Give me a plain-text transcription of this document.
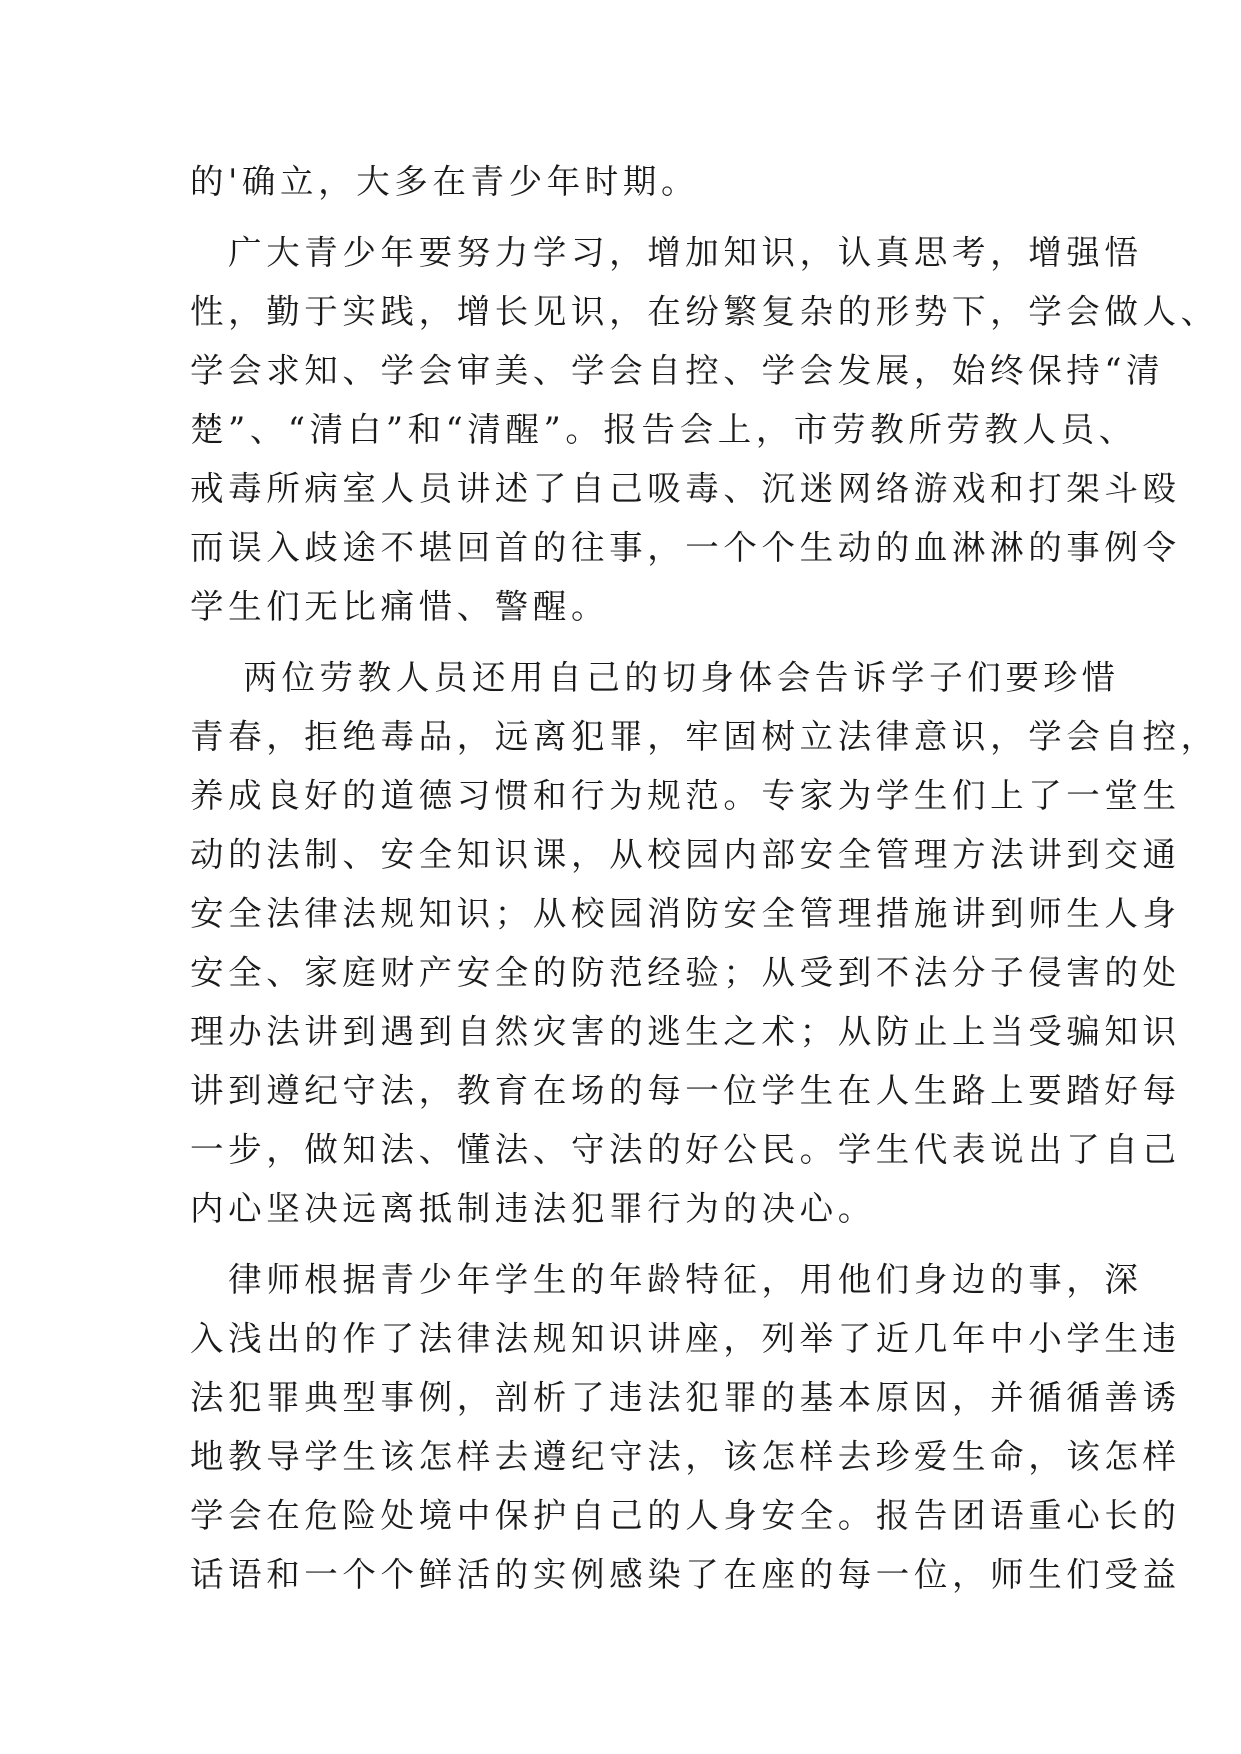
的'确立，大多在青少年时期。
　广大青少年要努力学习，增加知识，认真思考，增强悟
性，勤于实践，增长见识，在纷繁复杂的形势下，学会做人、
学会求知、学会审美、学会自控、学会发展，始终保持“清
楚”、“清白”和“清醒”。报告会上，市劳教所劳教人员、
戒毒所病室人员讲述了自己吸毒、沉迷网络游戏和打架斗殴
而误入歧途不堪回首的往事，一个个生动的血淋淋的事例令
学生们无比痛惜、警醒。
　 两位劳教人员还用自己的切身体会告诉学子们要珍惜
青春，拒绝毒品，远离犯罪，牢固树立法律意识，学会自控，
养成良好的道德习惯和行为规范。专家为学生们上了一堂生
动的法制、安全知识课，从校园内部安全管理方法讲到交通
安全法律法规知识；从校园消防安全管理措施讲到师生人身
安全、家庭财产安全的防范经验；从受到不法分子侵害的处
理办法讲到遇到自然灾害的逃生之术；从防止上当受骗知识
讲到遵纪守法，教育在场的每一位学生在人生路上要踏好每
一步，做知法、懂法、守法的好公民。学生代表说出了自己
内心坚决远离抵制违法犯罪行为的决心。
　律师根据青少年学生的年龄特征，用他们身边的事，深
入浅出的作了法律法规知识讲座，列举了近几年中小学生违
法犯罪典型事例，剖析了违法犯罪的基本原因，并循循善诱
地教导学生该怎样去遵纪守法，该怎样去珍爱生命，该怎样
学会在危险处境中保护自己的人身安全。报告团语重心长的
话语和一个个鲜活的实例感染了在座的每一位，师生们受益
